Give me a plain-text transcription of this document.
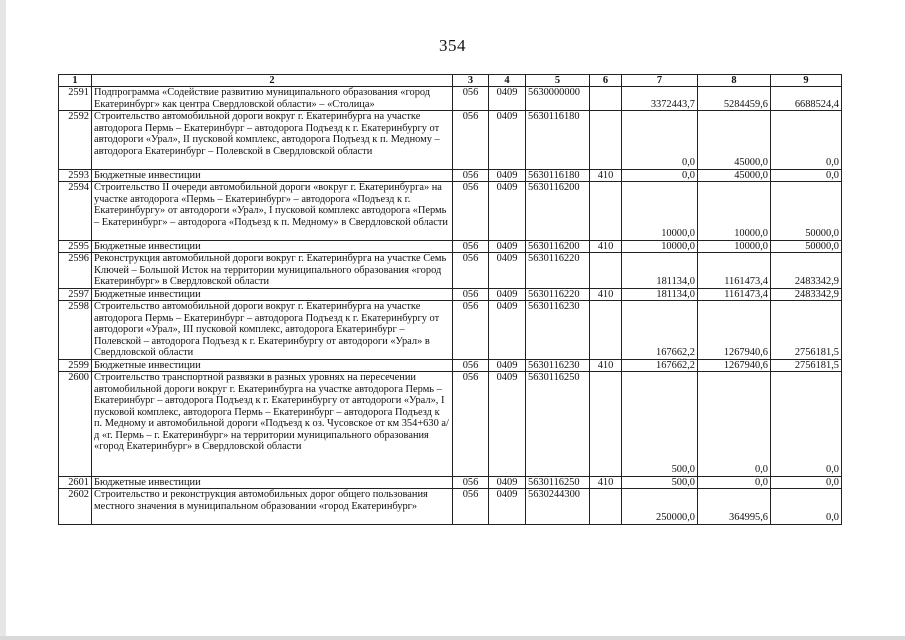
354
1	2	3	4	5	6	7	8	9
2591	Подпрограмма «Содействие развитию муниципального образования «город Екатеринбург» как центра Свердловской области» – «Столица»	056	0409	5630000000		3372443,7	5284459,6	6688524,4
2592	Строительство автомобильной дороги вокруг г. Екатеринбурга на участке автодорога Пермь – Екатеринбург – автодорога Подъезд к г. Екатеринбургу от автодороги «Урал», II пусковой комплекс, автодорога Подъезд к п. Медному – автодорога Екатеринбург – Полевской в Свердловской области	056	0409	5630116180		0,0	45000,0	0,0
2593	Бюджетные инвестиции	056	0409	5630116180	410	0,0	45000,0	0,0
2594	Строительство II очереди автомобильной дороги «вокруг г. Екатеринбурга» на участке автодорога «Пермь – Екатеринбург» – автодорога «Подъезд к г. Екатеринбургу» от автодороги «Урал», I пусковой комплекс автодорога «Пермь – Екатеринбург» – автодорога «Подъезд к п. Медному» в Свердловской области	056	0409	5630116200		10000,0	10000,0	50000,0
2595	Бюджетные инвестиции	056	0409	5630116200	410	10000,0	10000,0	50000,0
2596	Реконструкция автомобильной дороги вокруг г. Екатеринбурга на участке Семь Ключей – Большой Исток на территории муниципального образования «город Екатеринбург» в Свердловской области	056	0409	5630116220		181134,0	1161473,4	2483342,9
2597	Бюджетные инвестиции	056	0409	5630116220	410	181134,0	1161473,4	2483342,9
2598	Строительство автомобильной дороги вокруг г. Екатеринбурга на участке автодорога Пермь – Екатеринбург – автодорога Подъезд к г. Екатеринбургу от автодороги «Урал», III пусковой комплекс, автодорога Екатеринбург – Полевской – автодорога Подъезд к г. Екатеринбургу от автодороги «Урал» в Свердловской области	056	0409	5630116230		167662,2	1267940,6	2756181,5
2599	Бюджетные инвестиции	056	0409	5630116230	410	167662,2	1267940,6	2756181,5
2600	Строительство транспортной развязки в разных уровнях на пересечении автомобильной дороги вокруг г. Екатеринбурга на участке автодорога Пермь – Екатеринбург – автодорога Подъезд к г. Екатеринбургу от автодороги «Урал», I пусковой комплекс, автодорога Пермь – Екатеринбург – автодорога Подъезд к п. Медному и автомобильной дороги «Подъезд к оз. Чусовское от км 354+630 а/д «г. Пермь – г. Екатеринбург» на территории муниципального образования «город Екатеринбург» в Свердловской области	056	0409	5630116250		500,0	0,0	0,0
2601	Бюджетные инвестиции	056	0409	5630116250	410	500,0	0,0	0,0
2602	Строительство и реконструкция автомобильных дорог общего пользования местного значения в муниципальном образовании «город Екатеринбург»	056	0409	5630244300		250000,0	364995,6	0,0
